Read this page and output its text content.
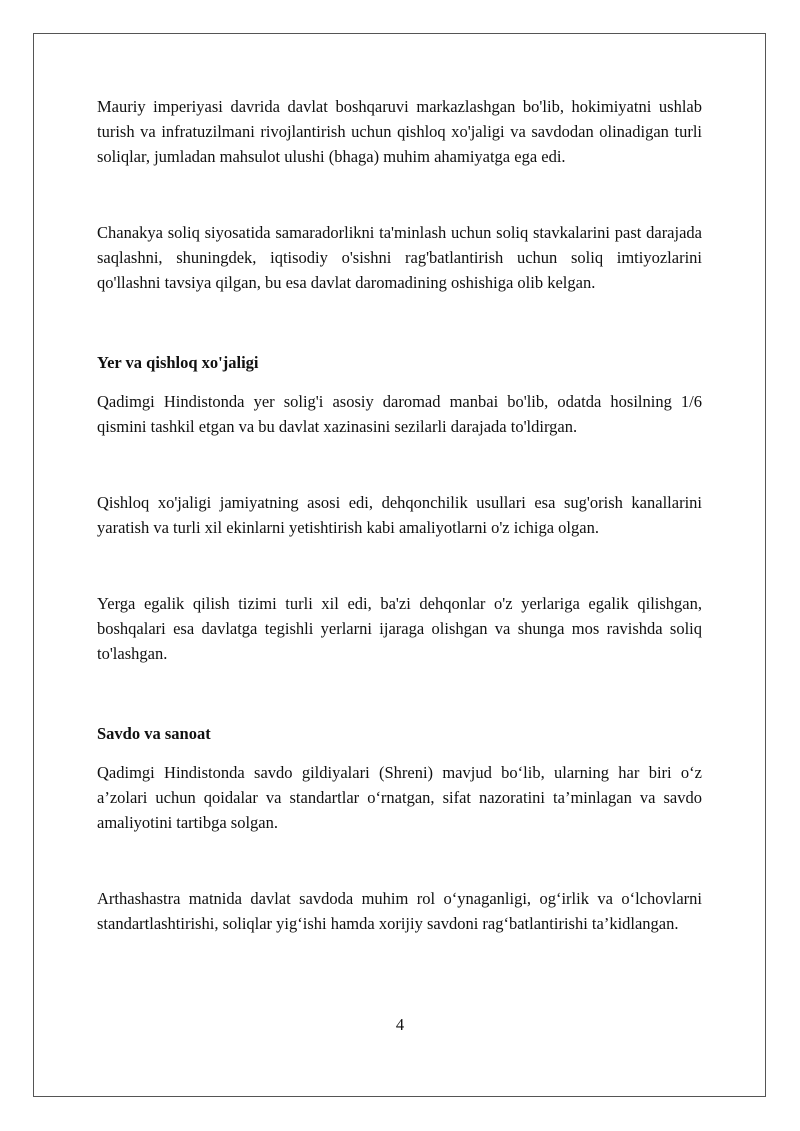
Mauriy imperiyasi davrida davlat boshqaruvi markazlashgan bo'lib, hokimiyatni ushlab turish va infratuzilmani rivojlantirish uchun qishloq xo'jaligi va savdodan olinadigan turli soliqlar, jumladan mahsulot ulushi (bhaga) muhim ahamiyatga ega edi.

Chanakya soliq siyosatida samaradorlikni ta'minlash uchun soliq stavkalarini past darajada saqlashni, shuningdek, iqtisodiy o'sishni rag'batlantirish uchun soliq imtiyozlarini qo'llashni tavsiya qilgan, bu esa davlat daromadining oshishiga olib kelgan.

Yer va qishloq xo'jaligi

Qadimgi Hindistonda yer solig'i asosiy daromad manbai bo'lib, odatda hosilning 1/6 qismini tashkil etgan va bu davlat xazinasini sezilarli darajada to'ldirgan.

Qishloq xo'jaligi jamiyatning asosi edi, dehqonchilik usullari esa sug'orish kanallarini yaratish va turli xil ekinlarni yetishtirish kabi amaliyotlarni o'z ichiga olgan.

Yerga egalik qilish tizimi turli xil edi, ba'zi dehqonlar o'z yerlariga egalik qilishgan, boshqalari esa davlatga tegishli yerlarni ijaraga olishgan va shunga mos ravishda soliq to'lashgan.

Savdo va sanoat

Qadimgi Hindistonda savdo gildiyalari (Shreni) mavjud bo‘lib, ularning har biri o‘z a’zolari uchun qoidalar va standartlar o‘rnatgan, sifat nazoratini ta’minlagan va savdo amaliyotini tartibga solgan.

Arthashastra matnida davlat savdoda muhim rol o‘ynaganligi, og‘irlik va o‘lchovlarni standartlashtirishi, soliqlar yig‘ishi hamda xorijiy savdoni rag‘batlantirishi ta’kidlangan.

4
